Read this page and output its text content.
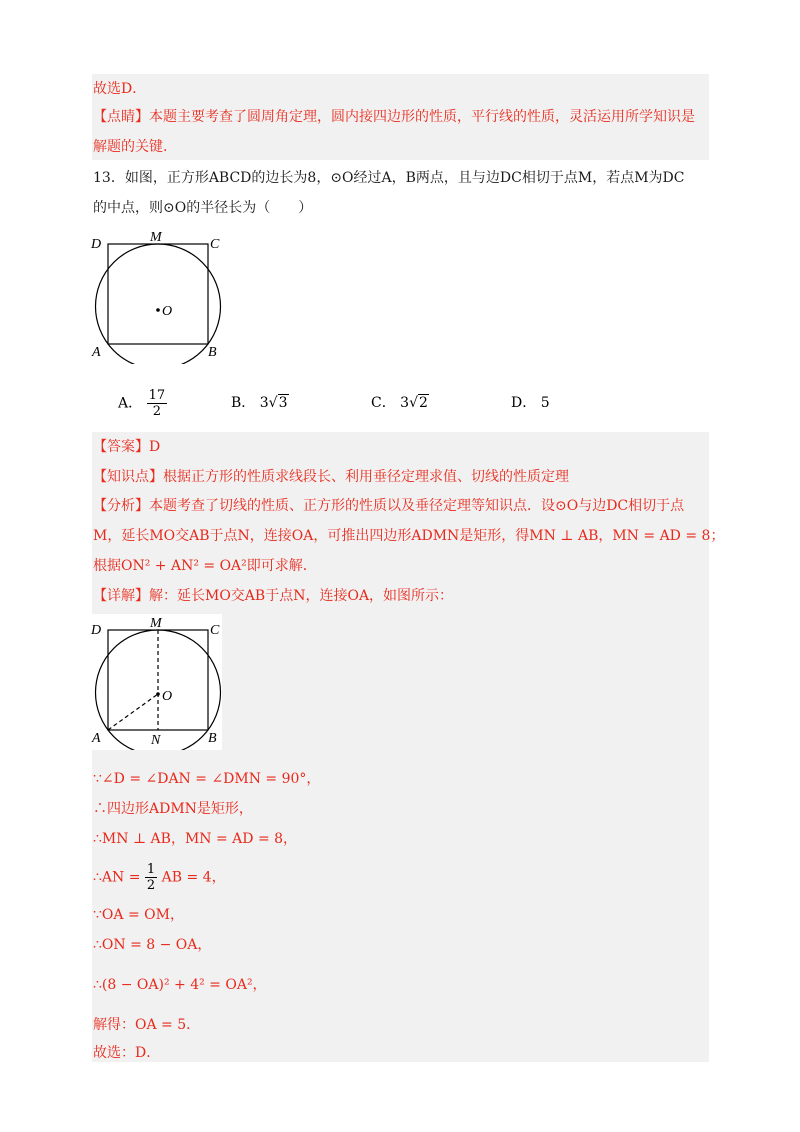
故选D．
【点睛】本题主要考查了圆周角定理，圆内接四边形的性质，平行线的性质，灵活运用所学知识是
解题的关键．
13．如图，正方形ABCD的边长为8，⊙O经过A，B两点，且与边DC相切于点M，若点M为DC
的中点，则⊙O的半径长为（　　）
D	M	C
O
A	B
A． $\frac{17}{2}$	B． 3√3	C． 3√2	D． 5
【答案】D
【知识点】根据正方形的性质求线段长、利用垂径定理求值、切线的性质定理
【分析】本题考查了切线的性质、正方形的性质以及垂径定理等知识点．设⊙O与边DC相切于点
M，延长MO交AB于点N，连接OA，可推出四边形ADMN是矩形，得MN ⊥ AB，MN = AD = 8；
根据ON² + AN² = OA²即可求解．
【详解】解：延长MO交AB于点N，连接OA，如图所示：
D	M	C
O
A	N	B
∵∠D = ∠DAN = ∠DMN = 90°，
∴四边形ADMN是矩形，
∴MN ⊥ AB，MN = AD = 8，
∴AN = $\frac{1}{2}$ AB = 4，
∵OA = OM，
∴ON = 8 − OA，
∴(8 − OA)² + 4² = OA²，
解得：OA = 5．
故选：D．
